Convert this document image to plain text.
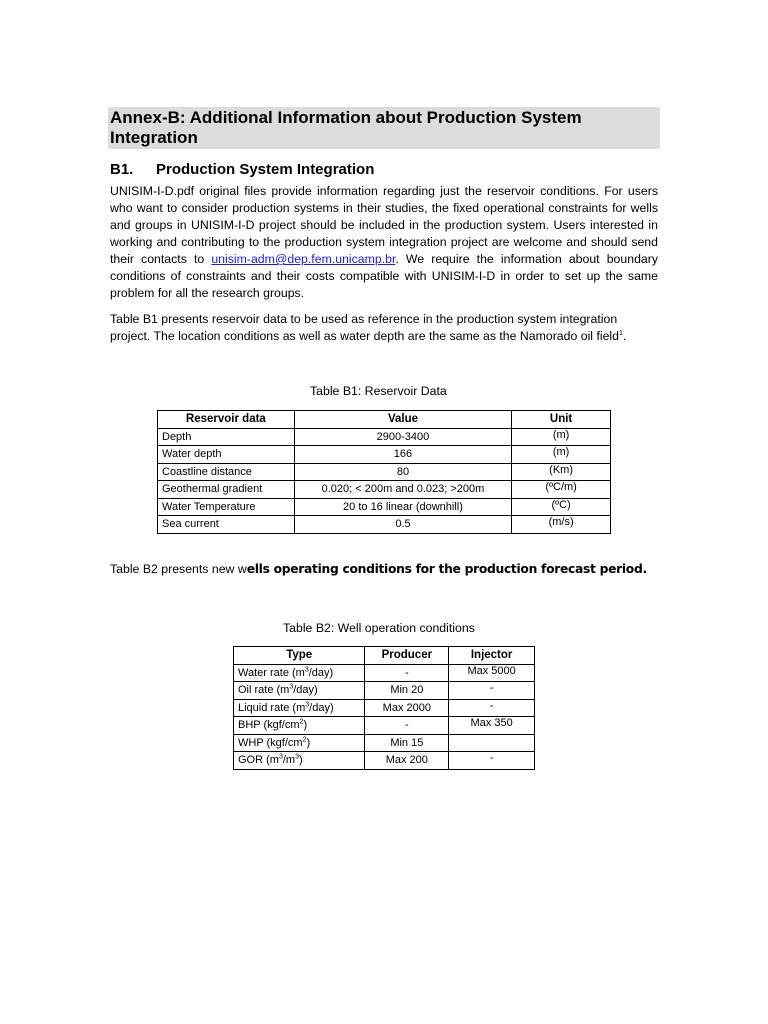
Annex-B: Additional Information about Production System
Integration
B1. Production System Integration
UNISIM-I-D.pdf original files provide information regarding just the reservoir conditions. For users who want to consider production systems in their studies, the fixed operational constraints for wells and groups in UNISIM-I-D project should be included in the production system. Users interested in working and contributing to the production system integration project are welcome and should send their contacts to unisim-adm@dep.fem.unicamp.br. We require the information about boundary conditions of constraints and their costs compatible with UNISIM-I-D in order to set up the same problem for all the research groups.
Table B1 presents reservoir data to be used as reference in the production system integration project. The location conditions as well as water depth are the same as the Namorado oil field$^1$.
Table B1: Reservoir Data
Reservoir data	Value	Unit
Depth	2900-3400	(m)
Water depth	166	(m)
Coastline distance	80	(Km)
Geothermal gradient	0.020; < 200m and 0.023; >200m	(ºC/m)
Water Temperature	20 to 16 linear (downhill)	(ºC)
Sea current	0.5	(m/s)
Table B2 presents new wells operating conditions for the production forecast period.
Table B2: Well operation conditions
Type	Producer	Injector
Water rate $(m^3/day)$	-	Max 5000
Oil rate $(m^3/day)$	Min 20	-
Liquid rate $(m^3/day)$	Max 2000	-
BHP $(kgf/cm^2)$	-	Max 350
WHP $(kgf/cm^2)$	Min 15	
GOR $(m^3/m^3)$	Max 200	-
